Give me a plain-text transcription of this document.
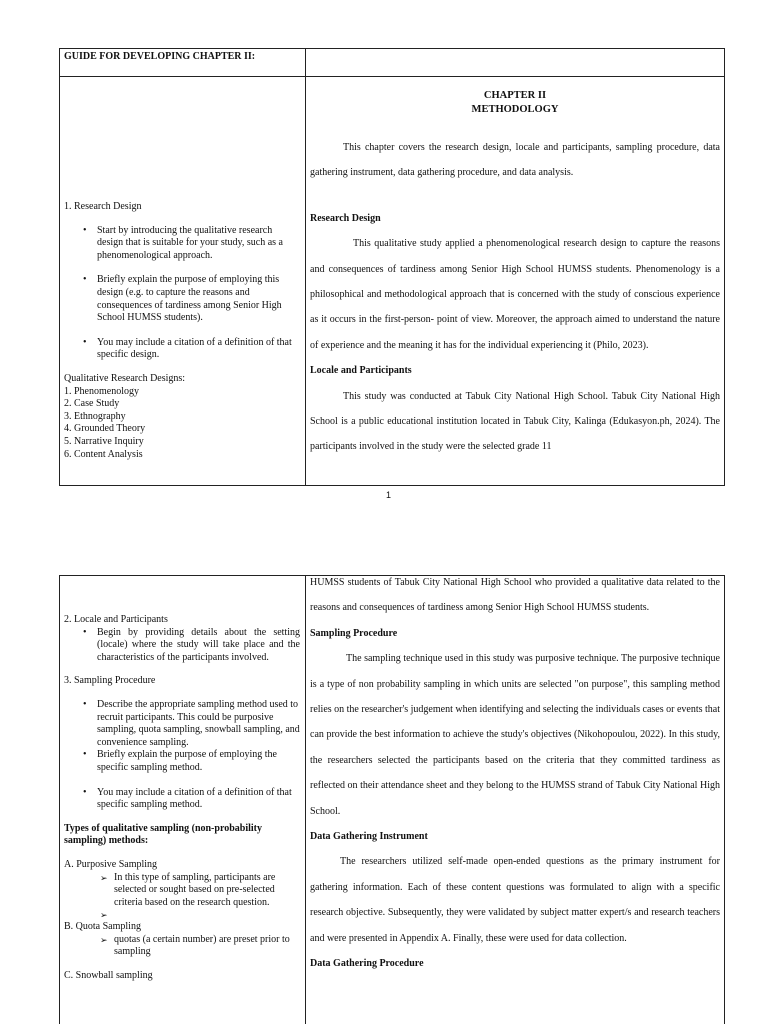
GUIDE FOR DEVELOPING CHAPTER II:
1. Research Design
• Start by introducing the qualitative research design that is suitable for your study, such as a phenomenological approach.
• Briefly explain the purpose of employing this design (e.g. to capture the reasons and consequences of tardiness among Senior High School HUMSS students).
• You may include a citation of a definition of that specific design.
Qualitative Research Designs:
1. Phenomenology
2. Case Study
3. Ethnography
4. Grounded Theory
5. Narrative Inquiry
6. Content Analysis
CHAPTER II
METHODOLOGY

This chapter covers the research design, locale and participants, sampling procedure, data gathering instrument, data gathering procedure, and data analysis.

Research Design

This qualitative study applied a phenomenological research design to capture the reasons and consequences of tardiness among Senior High School HUMSS students. Phenomenology is a philosophical and methodological approach that is concerned with the study of conscious experience as it occurs in the first-person- point of view. Moreover, the approach aimed to understand the nature of experience and the meaning it has for the individual experiencing it (Philo, 2023).

Locale and Participants

This study was conducted at Tabuk City National High School. Tabuk City National High School is a public educational institution located in Tabuk City, Kalinga (Edukasyon.ph, 2024). The participants involved in the study were the selected grade 11

1
2. Locale and Participants
• Begin by providing details about the setting (locale) where the study will take place and the characteristics of the participants involved.
3. Sampling Procedure
• Describe the appropriate sampling method used to recruit participants. This could be purposive sampling, quota sampling, snowball sampling, and convenience sampling.
• Briefly explain the purpose of employing the specific sampling method.
• You may include a citation of a definition of that specific sampling method.
Types of qualitative sampling (non-probability sampling) methods:
A. Purposive Sampling
➢ In this type of sampling, participants are selected or sought based on pre-selected criteria based on the research question.
➢
B. Quota Sampling
➢ quotas (a certain number) are preset prior to sampling
C. Snowball sampling

HUMSS students of Tabuk City National High School who provided a qualitative data related to the reasons and consequences of tardiness among Senior High School HUMSS students.

Sampling Procedure

The sampling technique used in this study was purposive technique. The purposive technique is a type of non probability sampling in which units are selected "on purpose", this sampling method relies on the researcher's judgement when identifying and selecting the individuals cases or events that can provide the best information to achieve the study's objectives (Nikohopoulou, 2022). In this study, the researchers selected the participants based on the criteria that they committed tardiness as reflected on their attendance sheet and they belong to the HUMSS strand of Tabuk City National High School.

Data Gathering Instrument

The researchers utilized self-made open-ended questions as the primary instrument for gathering information. Each of these content questions was formulated to align with a specific research objective. Subsequently, they were validated by subject matter expert/s and research teachers and were presented in Appendix A. Finally, these were used for data collection.

Data Gathering Procedure
